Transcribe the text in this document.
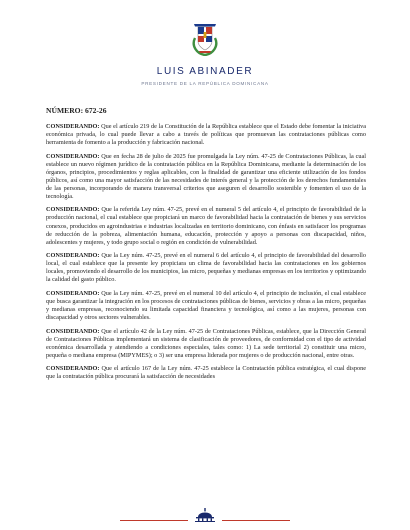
LUIS ABINADER
PRESIDENTE DE LA REPÚBLICA DOMINICANA
NÚMERO: 672-26

CONSIDERANDO: Que el artículo 219 de la Constitución de la República establece que el Estado debe fomentar la iniciativa económica privada, lo cual puede llevar a cabo a través de políticas que promuevan las contrataciones públicas como herramienta de fomento a la producción y fabricación nacional.

CONSIDERANDO: Que en fecha 28 de julio de 2025 fue promulgada la Ley núm. 47-25 de Contrataciones Públicas, la cual establece un nuevo régimen jurídico de la contratación pública en la República Dominicana, mediante la determinación de los órganos, principios, procedimientos y reglas aplicables, con la finalidad de garantizar una eficiente utilización de los fondos públicos, así como una mayor satisfacción de las necesidades de interés general y la protección de los derechos fundamentales de las personas, incorporando de manera transversal criterios que aseguren el desarrollo sostenible y fomenten el uso de la tecnología.

CONSIDERANDO: Que la referida Ley núm. 47-25, prevé en el numeral 5 del artículo 4, el principio de favorabilidad de la producción nacional, el cual establece que propiciará un marco de favorabilidad hacia la contratación de bienes y sus servicios conexos, producidos en agroindustrias e industrias localizadas en territorio dominicano, con énfasis en satisfacer los programas de reducción de la pobreza, alimentación humana, educación, protección y apoyo a personas con discapacidad, niños, adolescentes y mujeres, y todo grupo social o región en condición de vulnerabilidad.

CONSIDERANDO: Que la Ley núm. 47-25, prevé en el numeral 6 del artículo 4, el principio de favorabilidad del desarrollo local, el cual establece que la presente ley propiciara un clima de favorabilidad hacia las contrataciones en los gobiernos locales, promoviendo el desarrollo de los municipios, las micro, pequeñas y medianas empresas en los territorios y optimizando la calidad del gasto público.

CONSIDERANDO: Que la Ley núm. 47-25, prevé en el numeral 10 del artículo 4, el principio de inclusión, el cual establece que busca garantizar la integración en los procesos de contrataciones públicas de bienes, servicios y obras a las micro, pequeñas y medianas empresas, reconociendo su limitada capacidad financiera y tecnológica, así como a las mujeres, personas con discapacidad y otros sectores vulnerables.

CONSIDERANDO: Que el artículo 42 de la Ley núm. 47-25 de Contrataciones Públicas, establece, que la Dirección General de Contrataciones Públicas implementará un sistema de clasificación de proveedores, de conformidad con el tipo de actividad económica desarrollada y atendiendo a condiciones especiales, tales como: 1) La sede territorial 2) constituir una micro, pequeña o mediana empresa (MIPYMES); o 3) ser una empresa liderada por mujeres o de producción nacional, entre otras.

CONSIDERANDO: Que el artículo 167 de la Ley núm. 47-25 establece la Contratación pública estratégica, el cual dispone que la contratación pública procurará la satisfacción de necesidades
